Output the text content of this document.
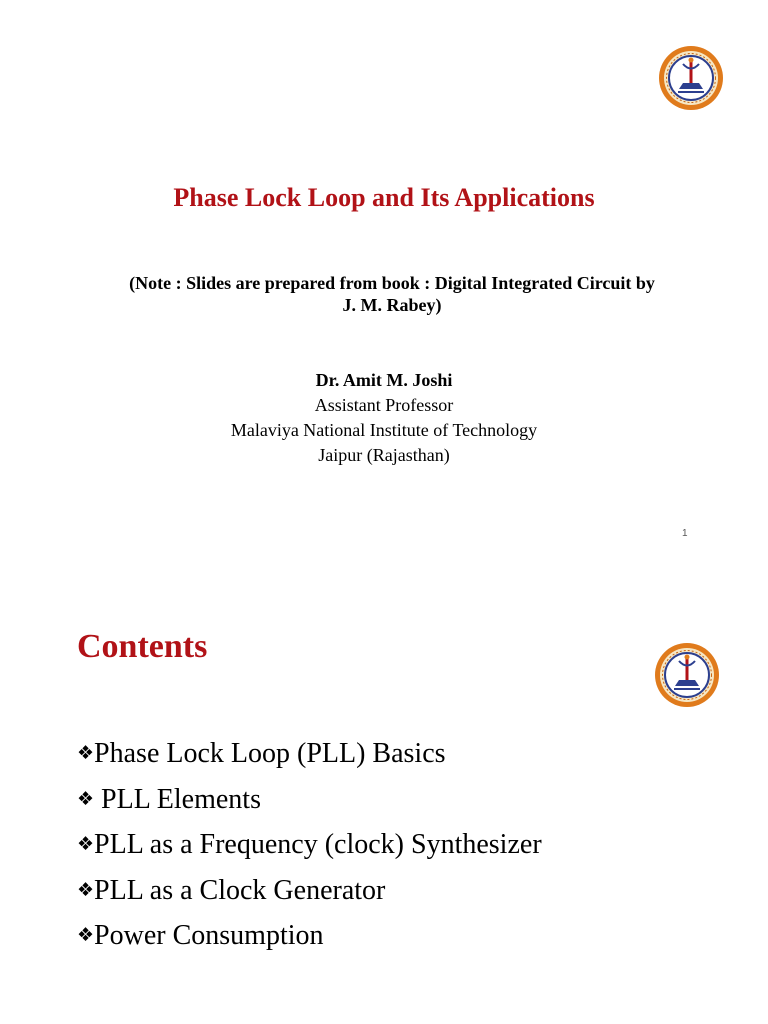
Phase Lock Loop and Its Applications
(Note : Slides are prepared from book : Digital Integrated Circuit by
J. M. Rabey)
Dr. Amit M. Joshi
Assistant Professor
Malaviya National Institute of Technology
Jaipur (Rajasthan)
1
Contents
❖Phase Lock Loop (PLL) Basics
❖ PLL Elements
❖PLL as a Frequency (clock) Synthesizer
❖PLL as a Clock Generator
❖Power Consumption
